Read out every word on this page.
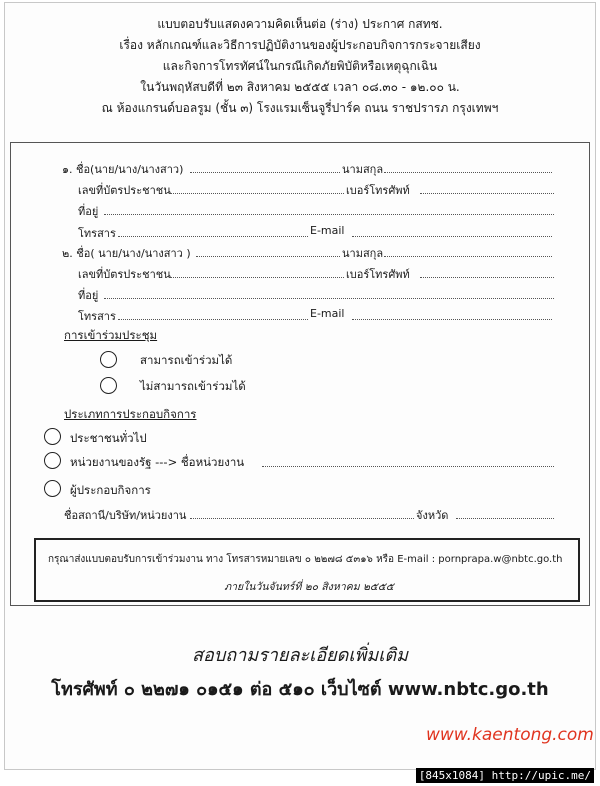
แบบตอบรับแสดงความคิดเห็นต่อ (ร่าง) ประกาศ กสทช.
เรื่อง หลักเกณฑ์และวิธีการปฏิบัติงานของผู้ประกอบกิจการกระจายเสียง
และกิจการโทรทัศน์ในกรณีเกิดภัยพิบัติหรือเหตุฉุกเฉิน
ในวันพฤหัสบดีที่ ๒๓ สิงหาคม ๒๕๕๕ เวลา ๐๘.๓๐ - ๑๒.๐๐ น.
ณ ห้องแกรนด์บอลรูม (ชั้น ๓) โรงแรมเซ็นจูรี่ปาร์ค ถนน ราชปรารภ กรุงเทพฯ
๑. ชื่อ(นาย/นาง/นางสาว)	นามสกุล
เลขที่บัตรประชาชน	เบอร์โทรศัพท์
ที่อยู่
โทรสาร	E-mail
๒. ชื่อ( นาย/นาง/นางสาว )	นามสกุล
เลขที่บัตรประชาชน	เบอร์โทรศัพท์
ที่อยู่
โทรสาร	E-mail
การเข้าร่วมประชุม
สามารถเข้าร่วมได้
ไม่สามารถเข้าร่วมได้
ประเภทการประกอบกิจการ
ประชาชนทั่วไป
หน่วยงานของรัฐ ---> ชื่อหน่วยงาน
ผู้ประกอบกิจการ
ชื่อสถานี/บริษัท/หน่วยงาน	จังหวัด
กรุณาส่งแบบตอบรับการเข้าร่วมงาน ทาง โทรสารหมายเลข ๐ ๒๒๗๘ ๕๓๑๖ หรือ E-mail : pornprapa.w@nbtc.go.th
ภายในวันจันทร์ที่ ๒๐ สิงหาคม ๒๕๕๕
สอบถามรายละเอียดเพิ่มเติม
โทรศัพท์ ๐ ๒๒๗๑ ๐๑๕๑ ต่อ ๕๑๐ เว็บไซต์ www.nbtc.go.th
www.kaentong.com
[845x1084] http://upic.me/
